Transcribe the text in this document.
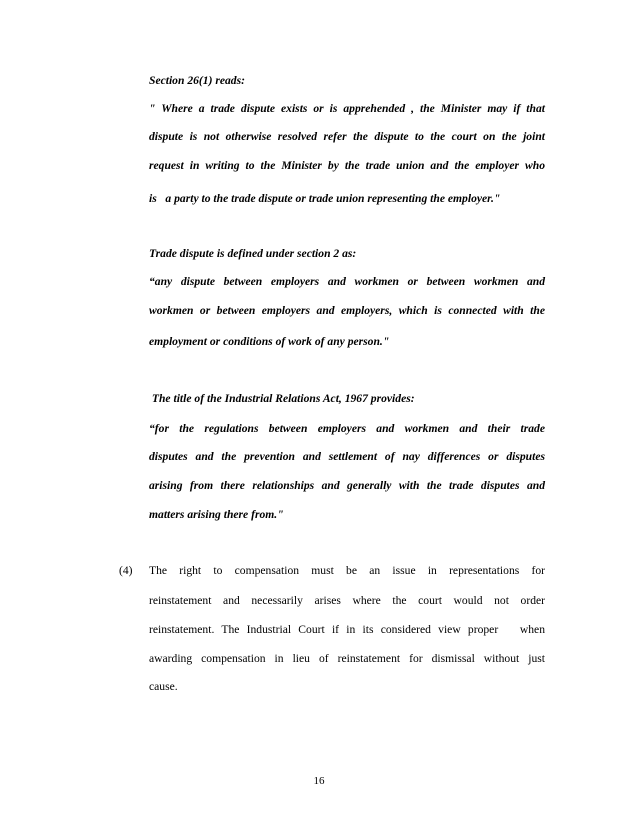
Section 26(1) reads:
" Where a trade dispute exists or is apprehended , the Minister may if that
dispute is not otherwise resolved refer the dispute to the court on the joint
request in writing to the Minister by the trade union and the employer who
is   a party to the trade dispute or trade union representing the employer."
Trade dispute is defined under section 2 as:
“any dispute between employers and workmen or between workmen and
workmen or between employers and employers, which is connected with the
employment or conditions of work of any person."
The title of the Industrial Relations Act, 1967 provides:
“for the regulations between employers and workmen and their trade
disputes and the prevention and settlement of nay differences or disputes
arising from there relationships and generally with the trade disputes and
matters arising there from."
(4) The right to compensation must be an issue in representations for
reinstatement and necessarily arises where the court would not order
reinstatement. The Industrial Court if in its considered view proper   when
awarding compensation in lieu of reinstatement for dismissal without just
cause.
16
